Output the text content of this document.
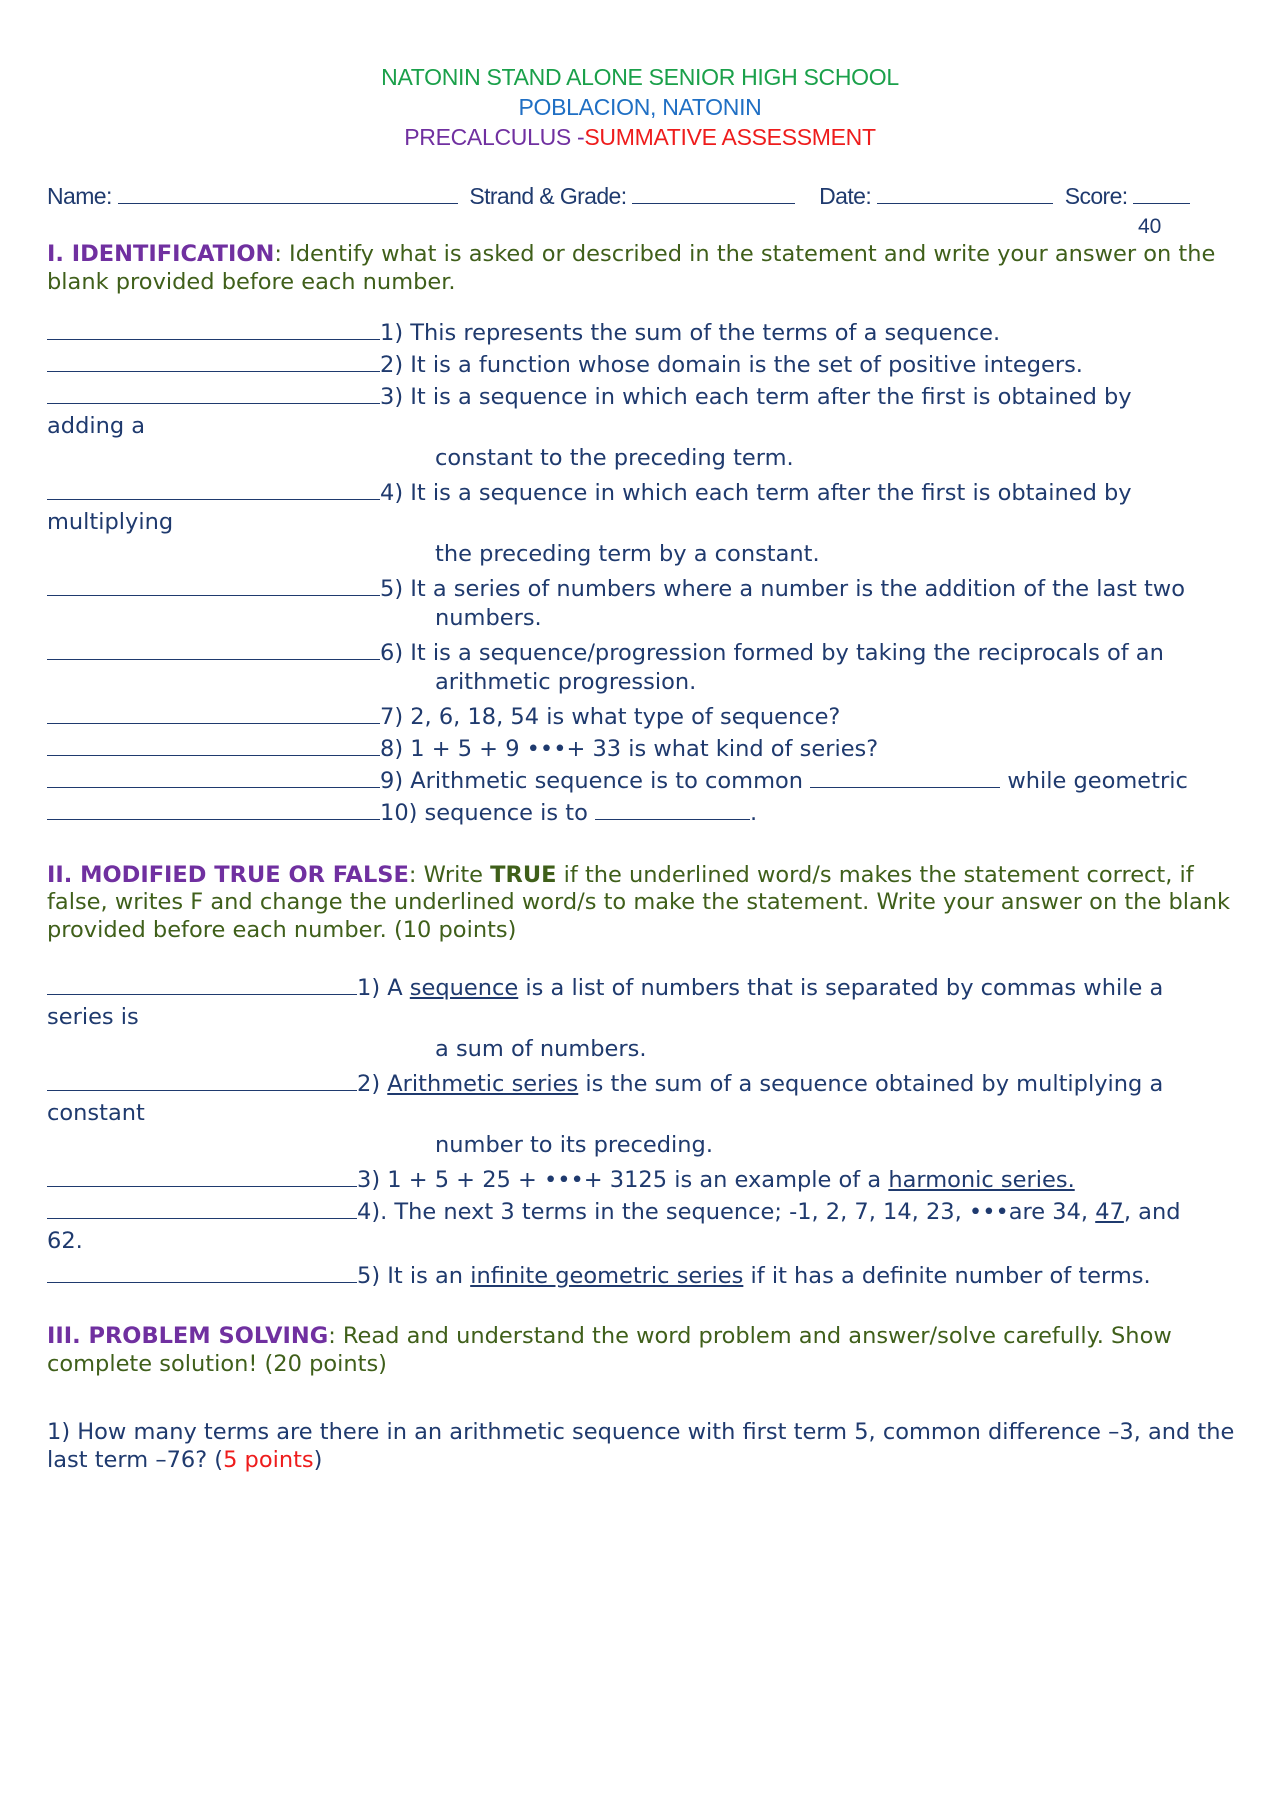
NATONIN STAND ALONE SENIOR HIGH SCHOOL
POBLACION, NATONIN
PRECALCULUS -SUMMATIVE ASSESSMENT
Name:	Strand & Grade:	Date:	Score:
40
I. IDENTIFICATION: Identify what is asked or described in the statement and write your answer on the blank provided before each number.
1) This represents the sum of the terms of a sequence.
2) It is a function whose domain is the set of positive integers.
3) It is a sequence in which each term after the first is obtained by
adding a
constant to the preceding term.
4) It is a sequence in which each term after the first is obtained by
multiplying
the preceding term by a constant.
5) It a series of numbers where a number is the addition of the last two
numbers.
6) It is a sequence/progression formed by taking the reciprocals of an
arithmetic progression.
7) 2, 6, 18, 54 is what type of sequence?
8) 1 + 5 + 9 •••+ 33 is what kind of series?
9) Arithmetic sequence is to common	while geometric
10) sequence is to	.
II. MODIFIED TRUE OR FALSE: Write TRUE if the underlined word/s makes the statement correct, if false, writes F and change the underlined word/s to make the statement. Write your answer on the blank provided before each number. (10 points)
1) A sequence is a list of numbers that is separated by commas while a
series is
a sum of numbers.
2) Arithmetic series is the sum of a sequence obtained by multiplying a
constant
number to its preceding.
3) 1 + 5 + 25 + •••+ 3125 is an example of a harmonic series.
4). The next 3 terms in the sequence; -1, 2, 7, 14, 23, •••are 34, 47, and
62.
5) It is an infinite geometric series if it has a definite number of terms.
III. PROBLEM SOLVING: Read and understand the word problem and answer/solve carefully. Show complete solution! (20 points)
1) How many terms are there in an arithmetic sequence with first term 5, common difference –3, and the last term –76? (5 points)
